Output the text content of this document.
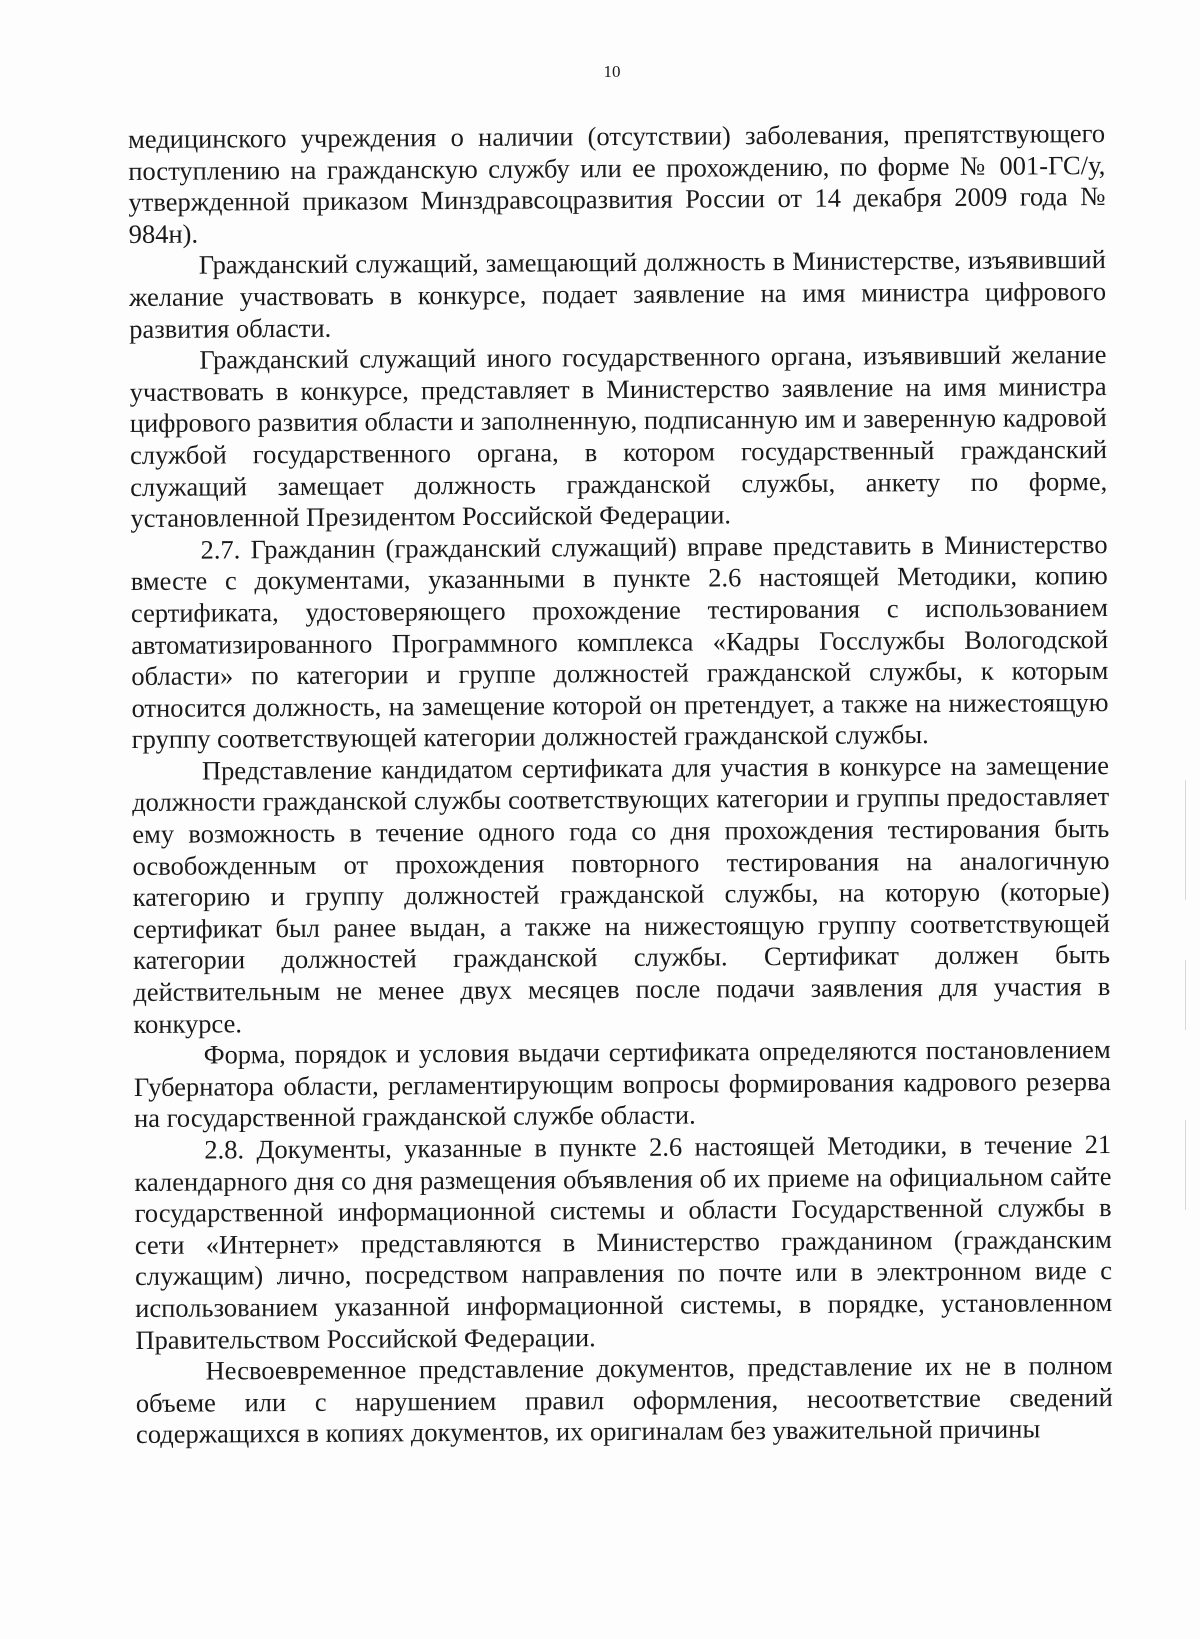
10

медицинского учреждения о наличии (отсутствии) заболевания, препятствующего поступлению на гражданскую службу или ее прохождению, по форме № 001-ГС/у, утвержденной приказом Минздравсоцразвития России от 14 декабря 2009 года № 984н).

Гражданский служащий, замещающий должность в Министерстве, изъявивший желание участвовать в конкурсе, подает заявление на имя министра цифрового развития области.

Гражданский служащий иного государственного органа, изъявивший желание участвовать в конкурсе, представляет в Министерство заявление на имя министра цифрового развития области и заполненную, подписанную им и заверенную кадровой службой государственного органа, в котором государственный гражданский служащий замещает должность гражданской службы, анкету по форме, установленной Президентом Российской Федерации.

2.7. Гражданин (гражданский служащий) вправе представить в Министерство вместе с документами, указанными в пункте 2.6 настоящей Методики, копию сертификата, удостоверяющего прохождение тестирования с использованием автоматизированного Программного комплекса «Кадры Госслужбы Вологодской области» по категории и группе должностей гражданской службы, к которым относится должность, на замещение которой он претендует, а также на нижестоящую группу соответствующей категории должностей гражданской службы.

Представление кандидатом сертификата для участия в конкурсе на замещение должности гражданской службы соответствующих категории и группы предоставляет ему возможность в течение одного года со дня прохождения тестирования быть освобожденным от прохождения повторного тестирования на аналогичную категорию и группу должностей гражданской службы, на которую (которые) сертификат был ранее выдан, а также на нижестоящую группу соответствующей категории должностей гражданской службы. Сертификат должен быть действительным не менее двух месяцев после подачи заявления для участия в конкурсе.

Форма, порядок и условия выдачи сертификата определяются постановлением Губернатора области, регламентирующим вопросы формирования кадрового резерва на государственной гражданской службе области.

2.8. Документы, указанные в пункте 2.6 настоящей Методики, в течение 21 календарного дня со дня размещения объявления об их приеме на официальном сайте государственной информационной системы и области Государственной службы в сети «Интернет» представляются в Министерство гражданином (гражданским служащим) лично, посредством направления по почте или в электронном виде с использованием указанной информационной системы, в порядке, установленном Правительством Российской Федерации.

Несвоевременное представление документов, представление их не в полном объеме или с нарушением правил оформления, несоответствие сведений содержащихся в копиях документов, их оригиналам без уважительной причины
